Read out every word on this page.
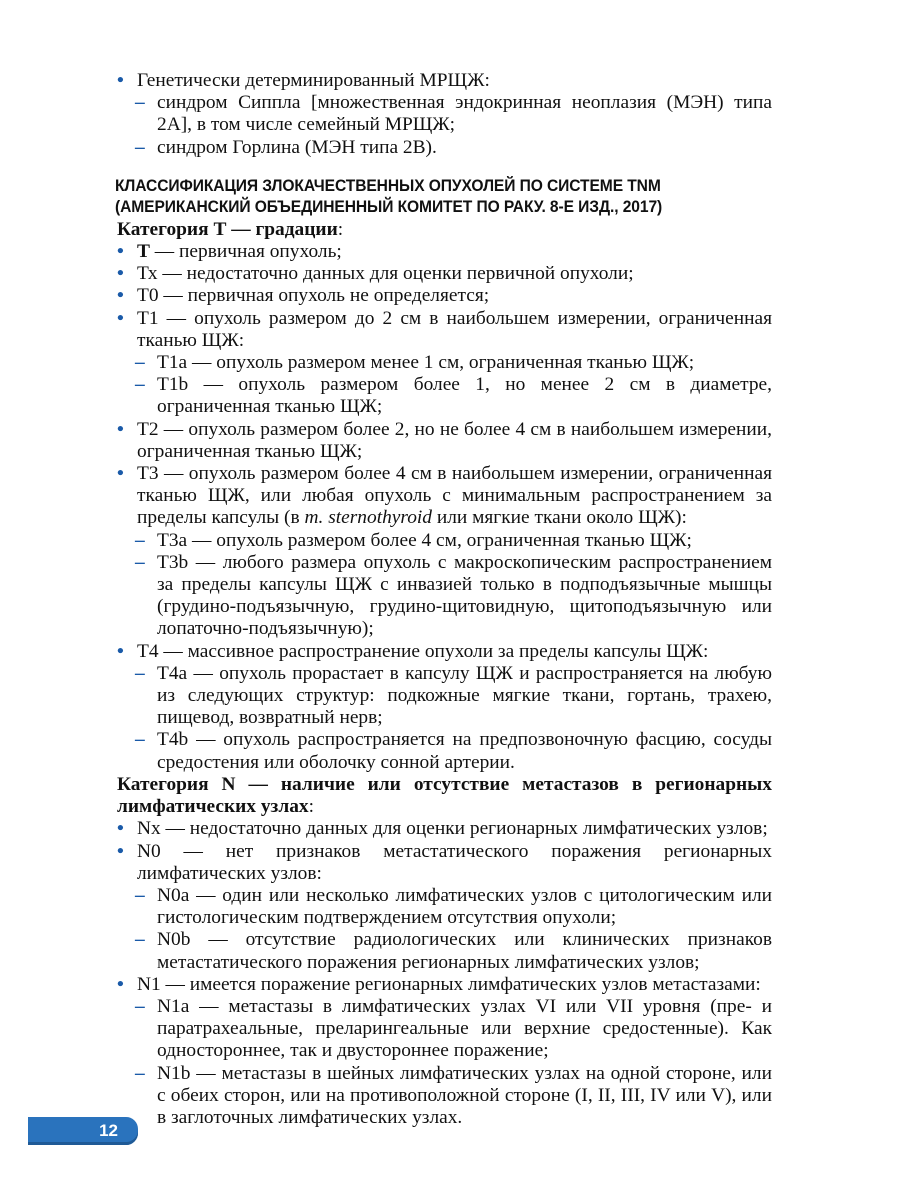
• Генетически детерминированный МРЩЖ:
– синдром Сиппла [множественная эндокринная неоплазия (МЭН) типа 2А], в том числе семейный МРЩЖ;
– синдром Горлина (МЭН типа 2В).
КЛАССИФИКАЦИЯ ЗЛОКАЧЕСТВЕННЫХ ОПУХОЛЕЙ ПО СИСТЕМЕ TNM
(АМЕРИКАНСКИЙ ОБЪЕДИНЕННЫЙ КОМИТЕТ ПО РАКУ. 8-Е ИЗД., 2017)
Категория Т — градации:
• Т — первичная опухоль;
• Тх — недостаточно данных для оценки первичной опухоли;
• Т0 — первичная опухоль не определяется;
• Т1 — опухоль размером до 2 см в наибольшем измерении, ограниченная тканью ЩЖ:
– Т1a — опухоль размером менее 1 см, ограниченная тканью ЩЖ;
– Т1b — опухоль размером более 1, но менее 2 см в диаметре, ограниченная тканью ЩЖ;
• Т2 — опухоль размером более 2, но не более 4 см в наибольшем измерении, ограниченная тканью ЩЖ;
• Т3 — опухоль размером более 4 см в наибольшем измерении, ограниченная тканью ЩЖ, или любая опухоль с минимальным распространением за пределы капсулы (в m. sternothyroid или мягкие ткани около ЩЖ):
– Т3а — опухоль размером более 4 см, ограниченная тканью ЩЖ;
– Т3b — любого размера опухоль с макроскопическим распространением за пределы капсулы ЩЖ с инвазией только в подподъязычные мышцы (грудино-подъязычную, грудино-щитовидную, щитоподъязычную или лопаточно-подъязычную);
• Т4 — массивное распространение опухоли за пределы капсулы ЩЖ:
– Т4а — опухоль прорастает в капсулу ЩЖ и распространяется на любую из следующих структур: подкожные мягкие ткани, гортань, трахею, пищевод, возвратный нерв;
– Т4b — опухоль распространяется на предпозвоночную фасцию, сосуды средостения или оболочку сонной артерии.
Категория N — наличие или отсутствие метастазов в регионарных лимфатических узлах:
• Nx — недостаточно данных для оценки регионарных лимфатических узлов;
• N0 — нет признаков метастатического поражения регионарных лимфатических узлов:
– N0a — один или несколько лимфатических узлов с цитологическим или гистологическим подтверждением отсутствия опухоли;
– N0b — отсутствие радиологических или клинических признаков метастатического поражения регионарных лимфатических узлов;
• N1 — имеется поражение регионарных лимфатических узлов метастазами:
– N1a — метастазы в лимфатических узлах VI или VII уровня (пре- и паратрахеальные, преларингеальные или верхние средостенные). Как одностороннее, так и двустороннее поражение;
– N1b — метастазы в шейных лимфатических узлах на одной стороне, или с обеих сторон, или на противоположной стороне (I, II, III, IV или V), или в заглоточных лимфатических узлах.
12
